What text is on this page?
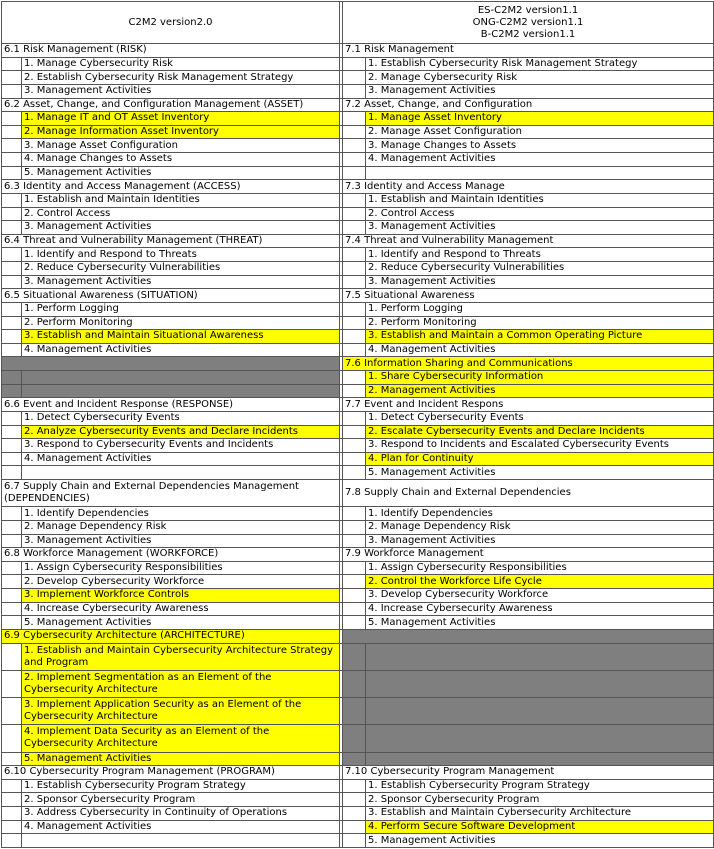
C2M2 version2.0			ES-C2M2 version1.1
ONG-C2M2 version1.1
B-C2M2 version1.1	

6.1 Risk Management (RISK)			7.1 Risk Management	
	1. Manage Cybersecurity Risk			1. Establish Cybersecurity Risk Management Strategy
	2. Establish Cybersecurity Risk Management Strategy			2. Manage Cybersecurity Risk
	3. Management Activities			3. Management Activities
6.2 Asset, Change, and Configuration Management (ASSET)			7.2 Asset, Change, and Configuration	
	1. Manage IT and OT Asset Inventory			1. Manage Asset Inventory
	2. Manage Information Asset Inventory			2. Manage Asset Configuration
	3. Manage Asset Configuration			3. Manage Changes to Assets
	4. Manage Changes to Assets			4. Management Activities
	5. Management Activities			
6.3 Identity and Access Management (ACCESS)			7.3 Identity and Access Manage	
	1. Establish and Maintain Identities			1. Establish and Maintain Identities
	2. Control Access			2. Control Access
	3. Management Activities			3. Management Activities
6.4 Threat and Vulnerability Management (THREAT)			7.4 Threat and Vulnerability Management	
	1. Identify and Respond to Threats			1. Identify and Respond to Threats
	2. Reduce Cybersecurity Vulnerabilities			2. Reduce Cybersecurity Vulnerabilities
	3. Management Activities			3. Management Activities
6.5 Situational Awareness (SITUATION)			7.5 Situational Awareness	
	1. Perform Logging			1. Perform Logging
	2. Perform Monitoring			2. Perform Monitoring
	3. Establish and Maintain Situational Awareness			3. Establish and Maintain a Common Operating Picture
	4. Management Activities			4. Management Activities
			7.6 Information Sharing and Communications	
				1. Share Cybersecurity Information
				2. Management Activities
6.6 Event and Incident Response (RESPONSE)			7.7 Event and Incident Respons	
	1. Detect Cybersecurity Events			1. Detect Cybersecurity Events
	2. Analyze Cybersecurity Events and Declare Incidents			2. Escalate Cybersecurity Events and Declare Incidents
	3. Respond to Cybersecurity Events and Incidents			3. Respond to Incidents and Escalated Cybersecurity Events
	4. Management Activities			4. Plan for Continuity
				5. Management Activities
6.7 Supply Chain and External Dependencies Management (DEPENDENCIES)			7.8 Supply Chain and External Dependencies	
	1. Identify Dependencies			1. Identify Dependencies
	2. Manage Dependency Risk			2. Manage Dependency Risk
	3. Management Activities			3. Management Activities
6.8 Workforce Management (WORKFORCE)			7.9 Workforce Management	
	1. Assign Cybersecurity Responsibilities			1. Assign Cybersecurity Responsibilities
	2. Develop Cybersecurity Workforce			2. Control the Workforce Life Cycle
	3. Implement Workforce Controls			3. Develop Cybersecurity Workforce
	4. Increase Cybersecurity Awareness			4. Increase Cybersecurity Awareness
	5. Management Activities			5. Management Activities
6.9 Cybersecurity Architecture (ARCHITECTURE)				
	1. Establish and Maintain Cybersecurity Architecture Strategy and Program			
	2. Implement Segmentation as an Element of the Cybersecurity Architecture			
	3. Implement Application Security as an Element of the Cybersecurity Architecture			
	4. Implement Data Security as an Element of the Cybersecurity Architecture			
	5. Management Activities			
6.10 Cybersecurity Program Management (PROGRAM)			7.10 Cybersecurity Program Management	
	1. Establish Cybersecurity Program Strategy			1. Establish Cybersecurity Program Strategy
	2. Sponsor Cybersecurity Program			2. Sponsor Cybersecurity Program
	3. Address Cybersecurity in Continuity of Operations			3. Establish and Maintain Cybersecurity Architecture
	4. Management Activities			4. Perform Secure Software Development
				5. Management Activities
